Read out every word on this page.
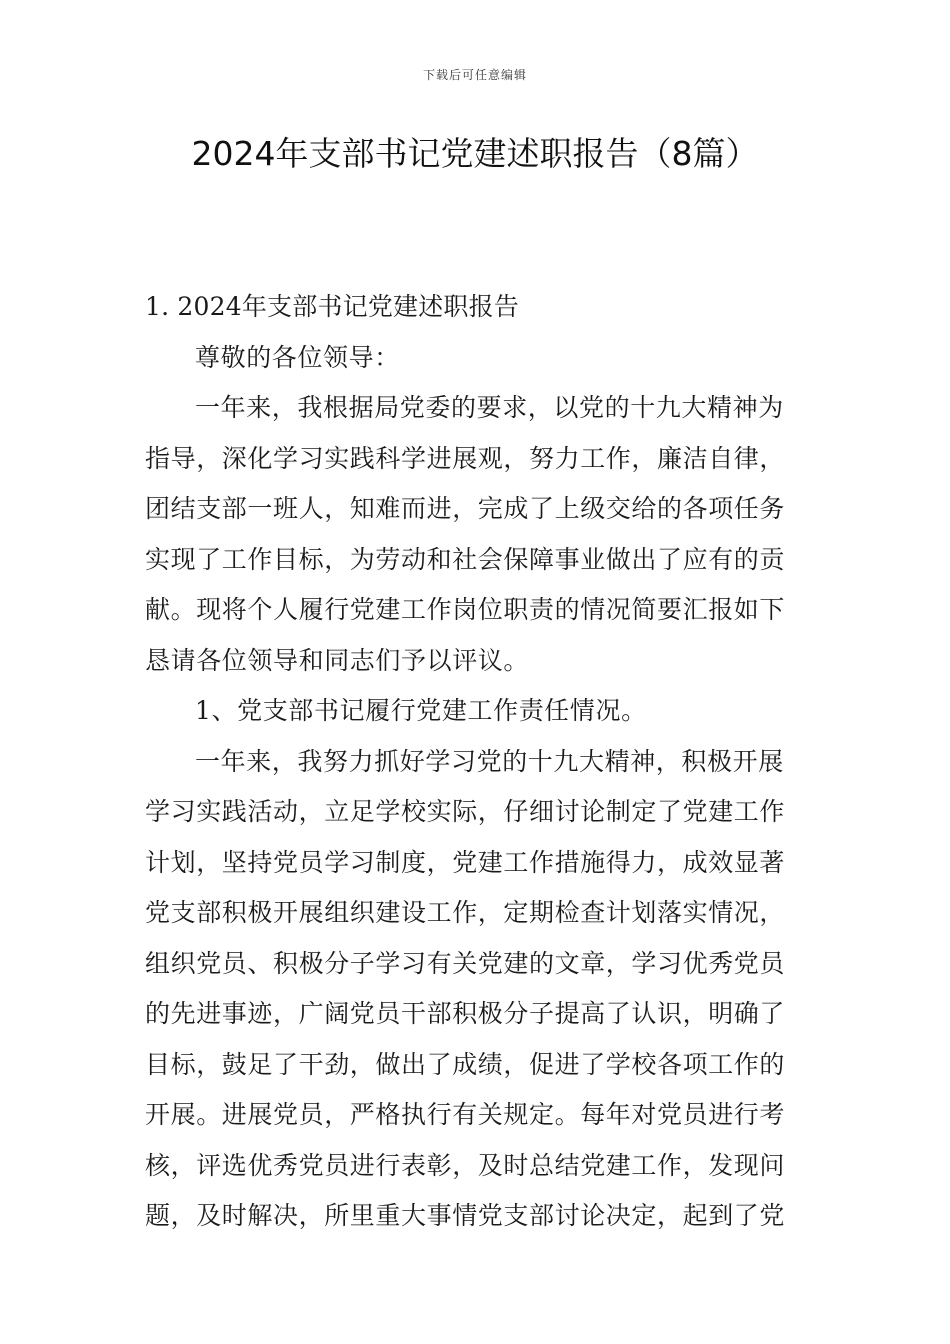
下载后可任意编辑
2024年支部书记党建述职报告（8篇）
1. 2024年支部书记党建述职报告
尊敬的各位领导：
一年来，我根据局党委的要求，以党的十九大精神为
指导，深化学习实践科学进展观，努力工作，廉洁自律，
团结支部一班人，知难而进，完成了上级交给的各项任务
实现了工作目标，为劳动和社会保障事业做出了应有的贡
献。现将个人履行党建工作岗位职责的情况简要汇报如下
恳请各位领导和同志们予以评议。
1、党支部书记履行党建工作责任情况。
一年来，我努力抓好学习党的十九大精神，积极开展
学习实践活动，立足学校实际，仔细讨论制定了党建工作
计划，坚持党员学习制度，党建工作措施得力，成效显著
党支部积极开展组织建设工作，定期检查计划落实情况，
组织党员、积极分子学习有关党建的文章，学习优秀党员
的先进事迹，广阔党员干部积极分子提高了认识，明确了
目标，鼓足了干劲，做出了成绩，促进了学校各项工作的
开展。进展党员，严格执行有关规定。每年对党员进行考
核，评选优秀党员进行表彰，及时总结党建工作，发现问
题，及时解决，所里重大事情党支部讨论决定，起到了党
